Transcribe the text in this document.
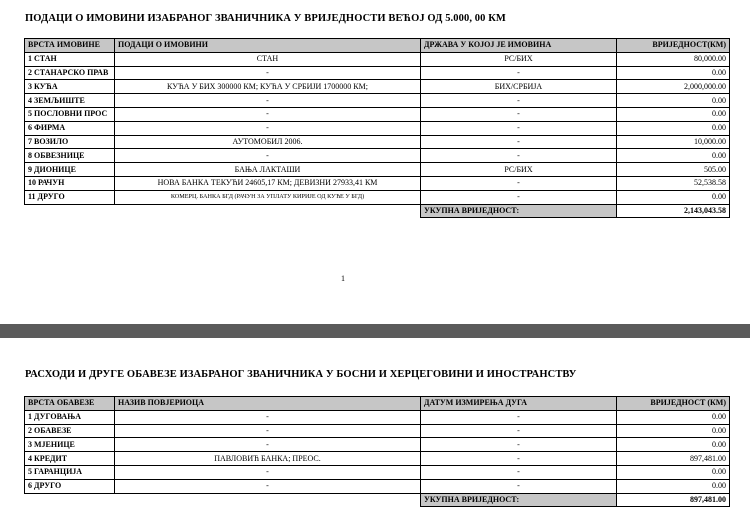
ПОДАЦИ О ИМОВИНИ ИЗАБРАНОГ ЗВАНИЧНИКА У ВРИЈЕДНОСТИ ВЕЋОЈ ОД 5.000, 00 КМ
ВРСТА ИМОВИНЕ	ПОДАЦИ О ИМОВИНИ	ДРЖАВА У КОЈОЈ ЈЕ ИМОВИНА	ВРИЈЕДНОСТ(КМ)
1 СТАН	СТАН	РС/БИХ	80,000.00
2 СТАНАРСКО ПРАВ	-	-	0.00
3 КУЋА	КУЋА У БИХ 300000 КМ; КУЋА У СРБИЈИ 1700000 КМ;	БИХ/СРБИЈА	2,000,000.00
4 ЗЕМЉИШТЕ	-	-	0.00
5 ПОСЛОВНИ ПРОС	-	-	0.00
6 ФИРМА	-	-	0.00
7 ВОЗИЛО	АУТОМОБИЛ 2006.	-	10,000.00
8 ОБВЕЗНИЦЕ	-	-	0.00
9 ДИОНИЦЕ	БАЊА ЛАКТАШИ	РС/БИХ	505.00
10 РАЧУН	НОВА БАНКА ТЕКУЋИ 24605,17 КМ; ДЕВИЗНИ 27933,41 КМ	-	52,538.58
11 ДРУГО	КОМЕРЦ. БАНКА БГД (РАЧУН ЗА УПЛАТУ КИРИЈЕ ОД КУЋЕ У БГД)	-	0.00
		УКУПНА ВРИЈЕДНОСТ:	2,143,043.58
1
РАСХОДИ И ДРУГЕ ОБАВЕЗЕ ИЗАБРАНОГ ЗВАНИЧНИКА У БОСНИ И ХЕРЦЕГОВИНИ И ИНОСТРАНСТВУ
ВРСТА ОБАВЕЗЕ	НАЗИВ ПОВЈЕРИОЦА	ДАТУМ ИЗМИРЕЊА ДУГА	ВРИЈЕДНОСТ (КМ)
1 ДУГОВАЊА	-	-	0.00
2 ОБАВЕЗЕ	-	-	0.00
3 МЈЕНИЦЕ	-	-	0.00
4 КРЕДИТ	ПАВЛОВИЋ БАНКА; ПРЕОС.	-	897,481.00
5 ГАРАНЦИЈА	-	-	0.00
6 ДРУГО	-	-	0.00
		УКУПНА ВРИЈЕДНОСТ:	897,481.00
